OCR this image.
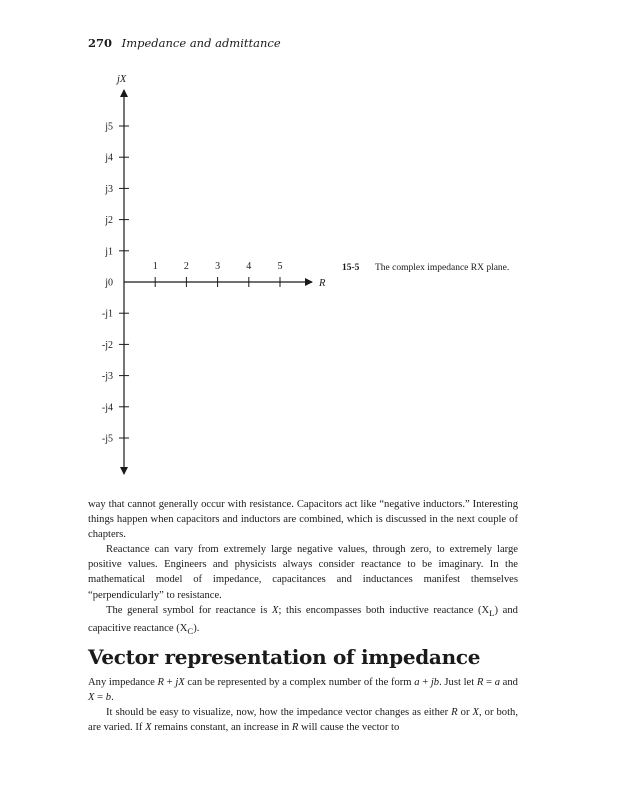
270 Impedance and admittance
jX
R
1	2	3	4	5
j5
j4
j3
j2
j1
j0
-j1
-j2
-j3
-j4
-j5
15-5 The complex impedance RX plane.

way that cannot generally occur with resistance. Capacitors act like “negative inductors.” Interesting things happen when capacitors and inductors are combined, which is discussed in the next couple of chapters.

Reactance can vary from extremely large negative values, through zero, to extremely large positive values. Engineers and physicists always consider reactance to be imaginary. In the mathematical model of impedance, capacitances and inductances manifest themselves “perpendicularly” to resistance.

The general symbol for reactance is X; this encompasses both inductive reactance $(X_L)$ and capacitive reactance $(X_C)$.

Vector representation of impedance

Any impedance R + jX can be represented by a complex number of the form a + jb. Just let R = a and X = b.

It should be easy to visualize, now, how the impedance vector changes as either R or X, or both, are varied. If X remains constant, an increase in R will cause the vector to
